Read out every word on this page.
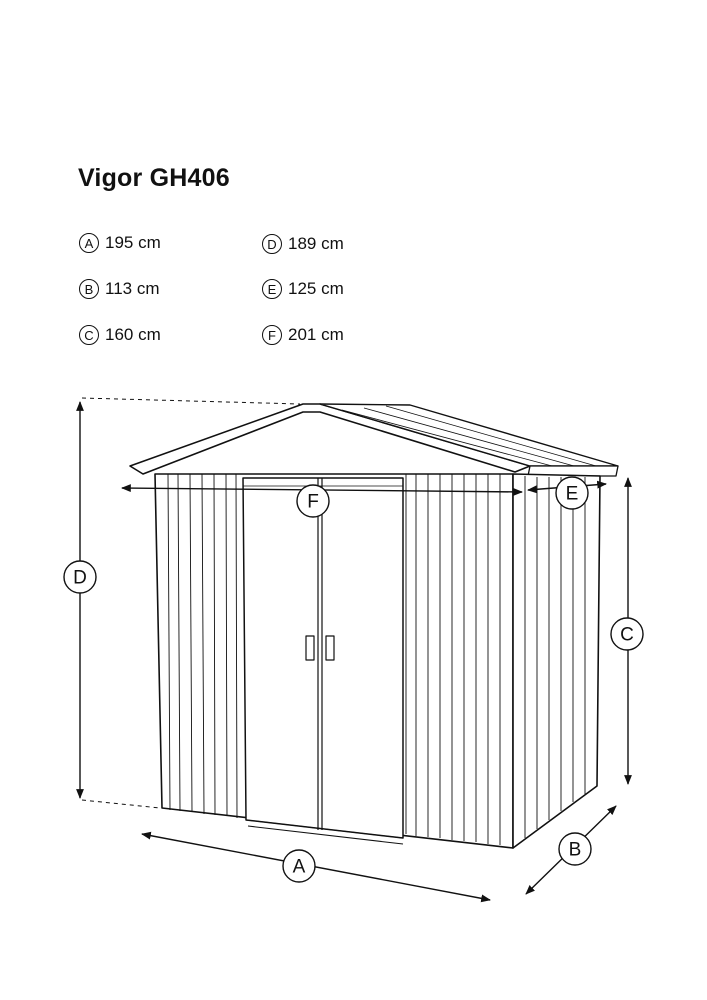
Vigor GH406
A 195 cm
B 113 cm
C 160 cm
D 189 cm
E 125 cm
F 201 cm
D
C
F	E
A
B
